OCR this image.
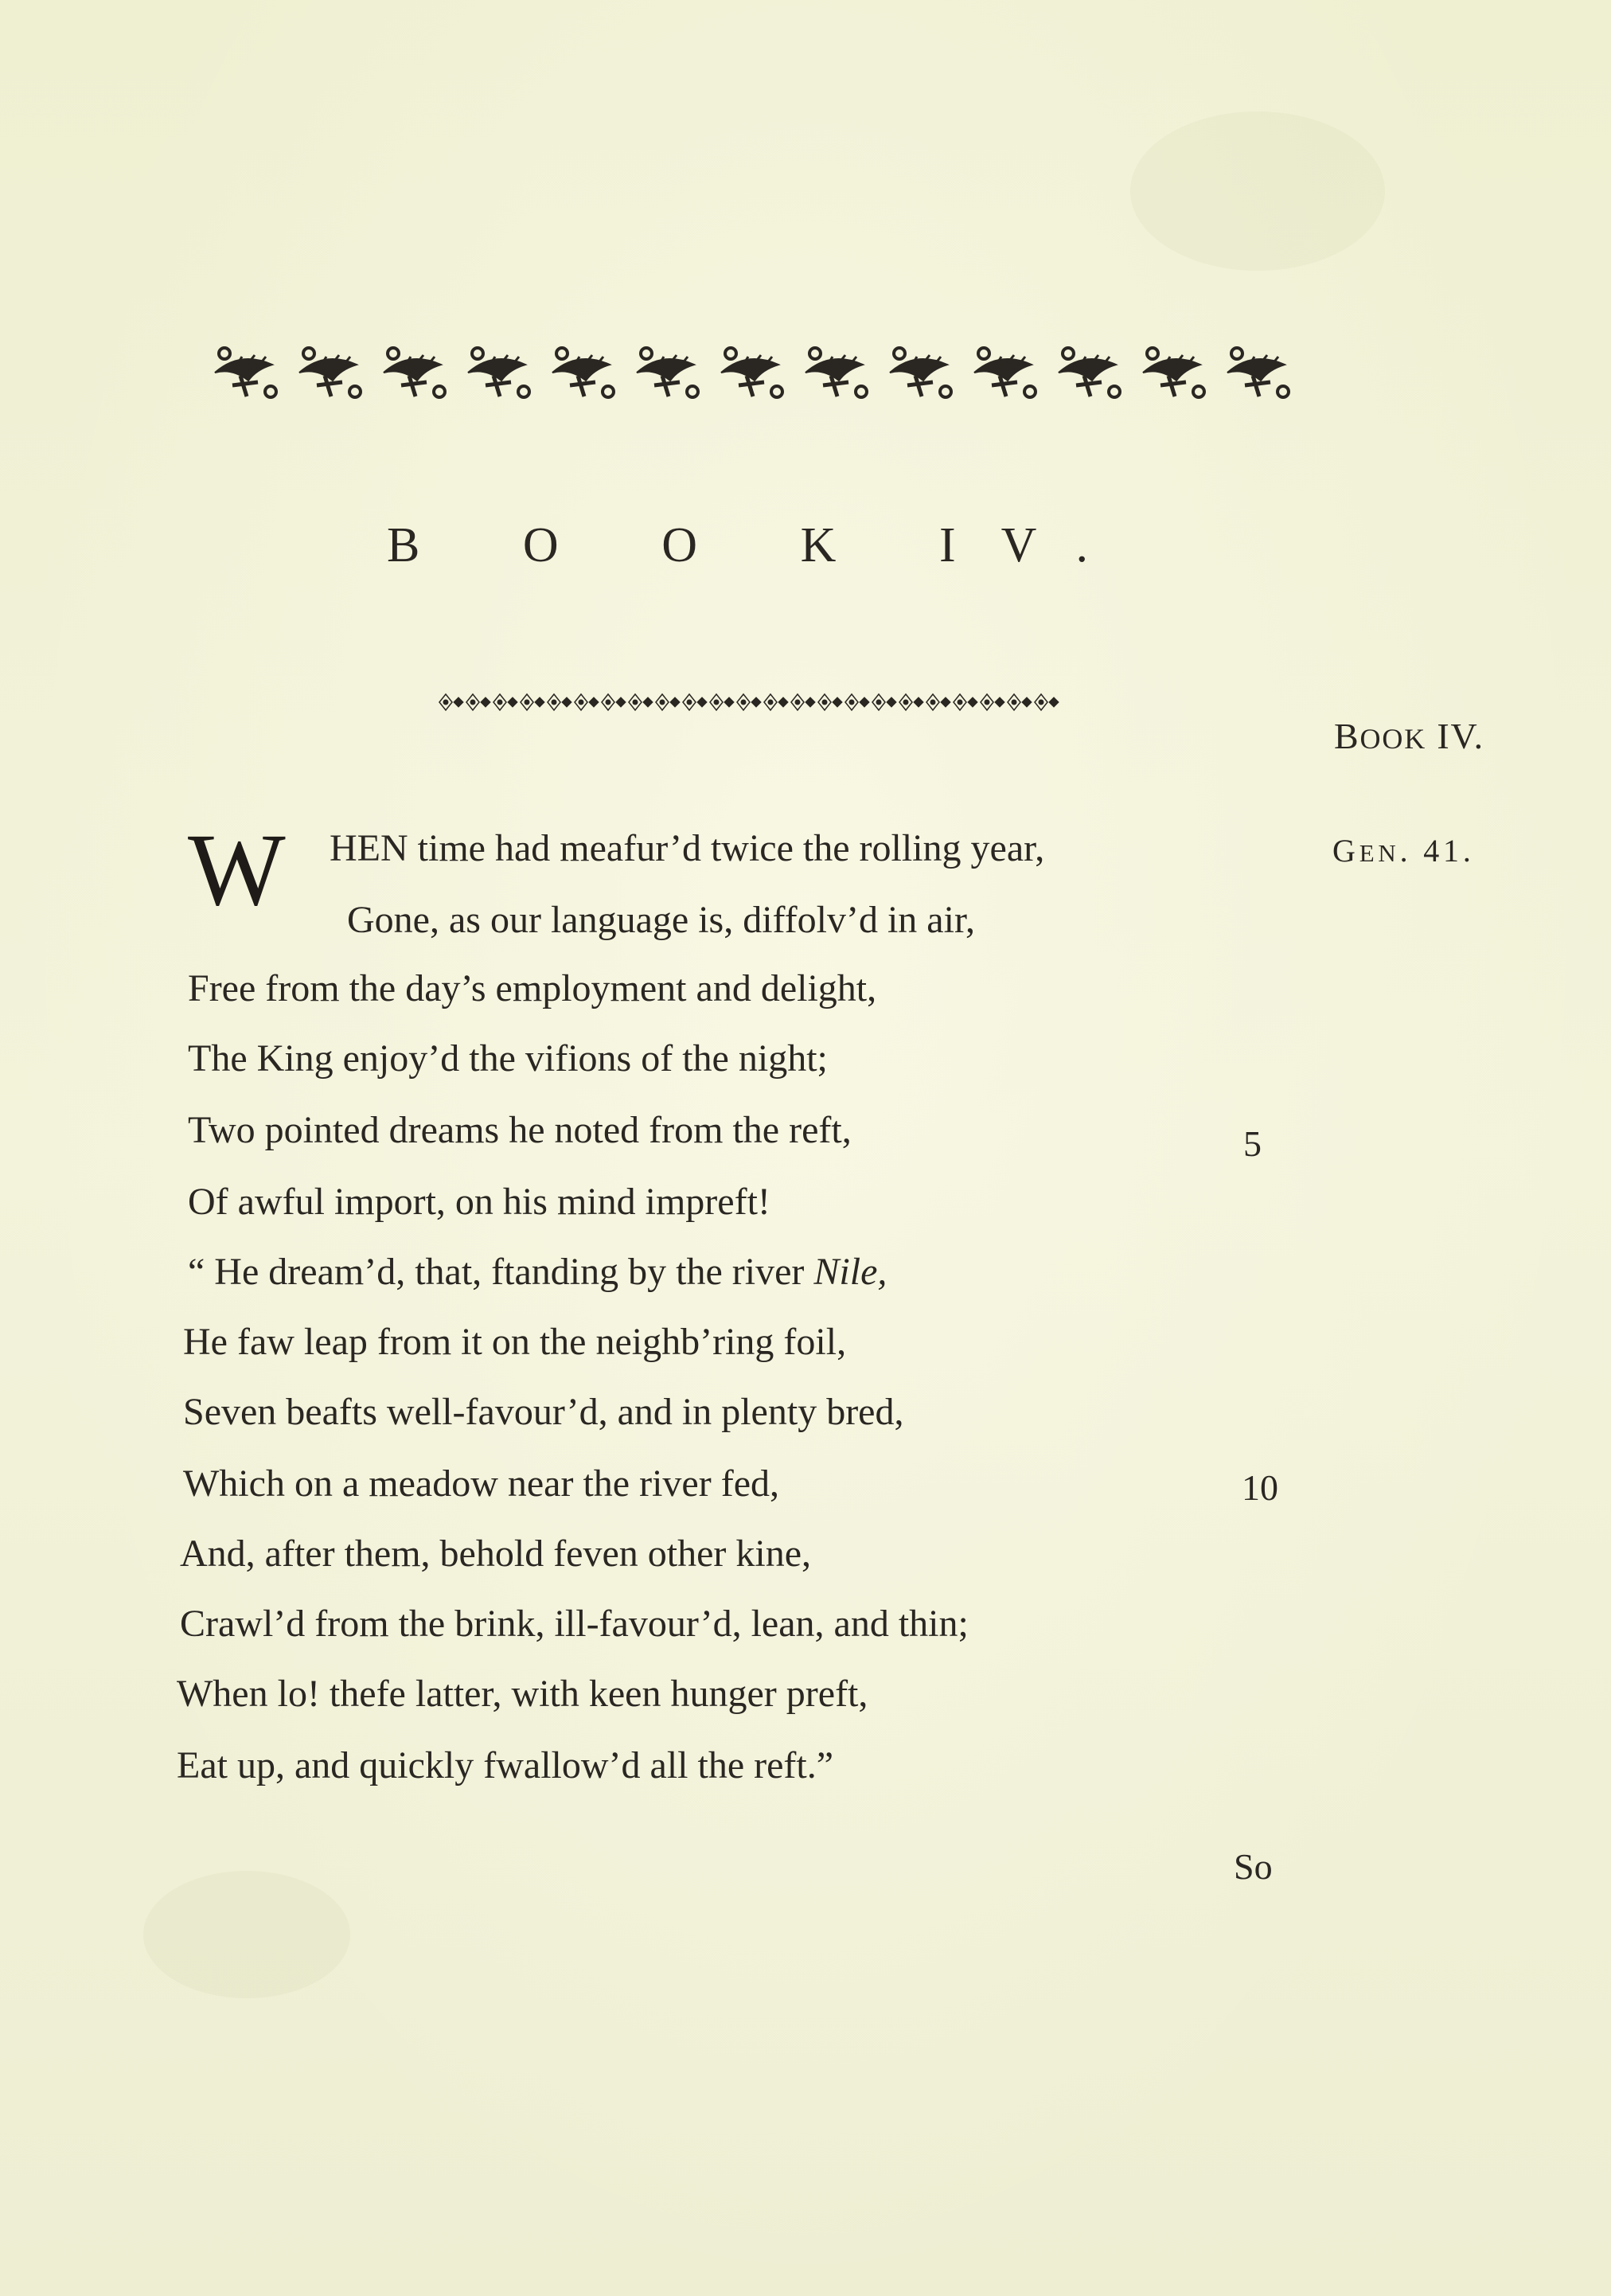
B O O K IV.
BOOK IV.
GEN. 41.
W HEN time had meafur’d twice the rolling year,
Gone, as our language is, diffolv’d in air,
Free from the day’s employment and delight,
The King enjoy’d the vifions of the night;
Two pointed dreams he noted from the reft,	5
Of awful import, on his mind impreft!
“ He dream’d, that, ftanding by the river Nile,
He faw leap from it on the neighb’ring foil,
Seven beafts well-favour’d, and in plenty bred,
Which on a meadow near the river fed,	10
And, after them, behold feven other kine,
Crawl’d from the brink, ill-favour’d, lean, and thin;
When lo! thefe latter, with keen hunger preft,
Eat up, and quickly fwallow’d all the reft.”
So
